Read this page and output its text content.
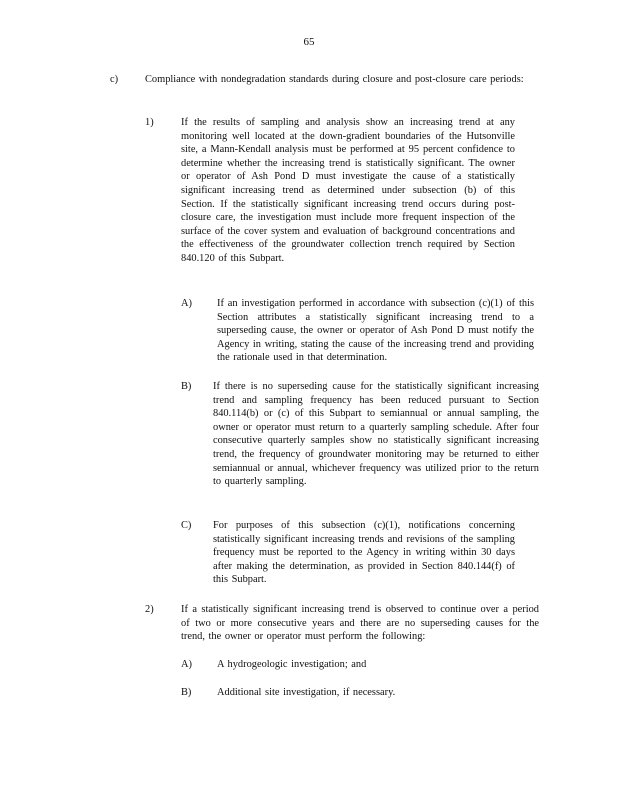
65
c)	Compliance with nondegradation standards during closure and post-closure care periods:
1)	If the results of sampling and analysis show an increasing trend at any monitoring well located at the down-gradient boundaries of the Hutsonville site, a Mann-Kendall analysis must be performed at 95 percent confidence to determine whether the increasing trend is statistically significant. The owner or operator of Ash Pond D must investigate the cause of a statistically significant increasing trend as determined under subsection (b) of this Section. If the statistically significant increasing trend occurs during post-closure care, the investigation must include more frequent inspection of the surface of the cover system and evaluation of background concentrations and the effectiveness of the groundwater collection trench required by Section 840.120 of this Subpart.
A) If an investigation performed in accordance with subsection (c)(1) of this Section attributes a statistically significant increasing trend to a superseding cause, the owner or operator of Ash Pond D must notify the Agency in writing, stating the cause of the increasing trend and providing the rationale used in that determination.
B) If there is no superseding cause for the statistically significant increasing trend and sampling frequency has been reduced pursuant to Section 840.114(b) or (c) of this Subpart to semiannual or annual sampling, the owner or operator must return to a quarterly sampling schedule. After four consecutive quarterly samples show no statistically significant increasing trend, the frequency of groundwater monitoring may be returned to either semiannual or annual, whichever frequency was utilized prior to the return to quarterly sampling.
C) For purposes of this subsection (c)(1), notifications concerning statistically significant increasing trends and revisions of the sampling frequency must be reported to the Agency in writing within 30 days after making the determination, as provided in Section 840.144(f) of this Subpart.
2)	If a statistically significant increasing trend is observed to continue over a period of two or more consecutive years and there are no superseding causes for the trend, the owner or operator must perform the following:
A) A hydrogeologic investigation; and
B) Additional site investigation, if necessary.
